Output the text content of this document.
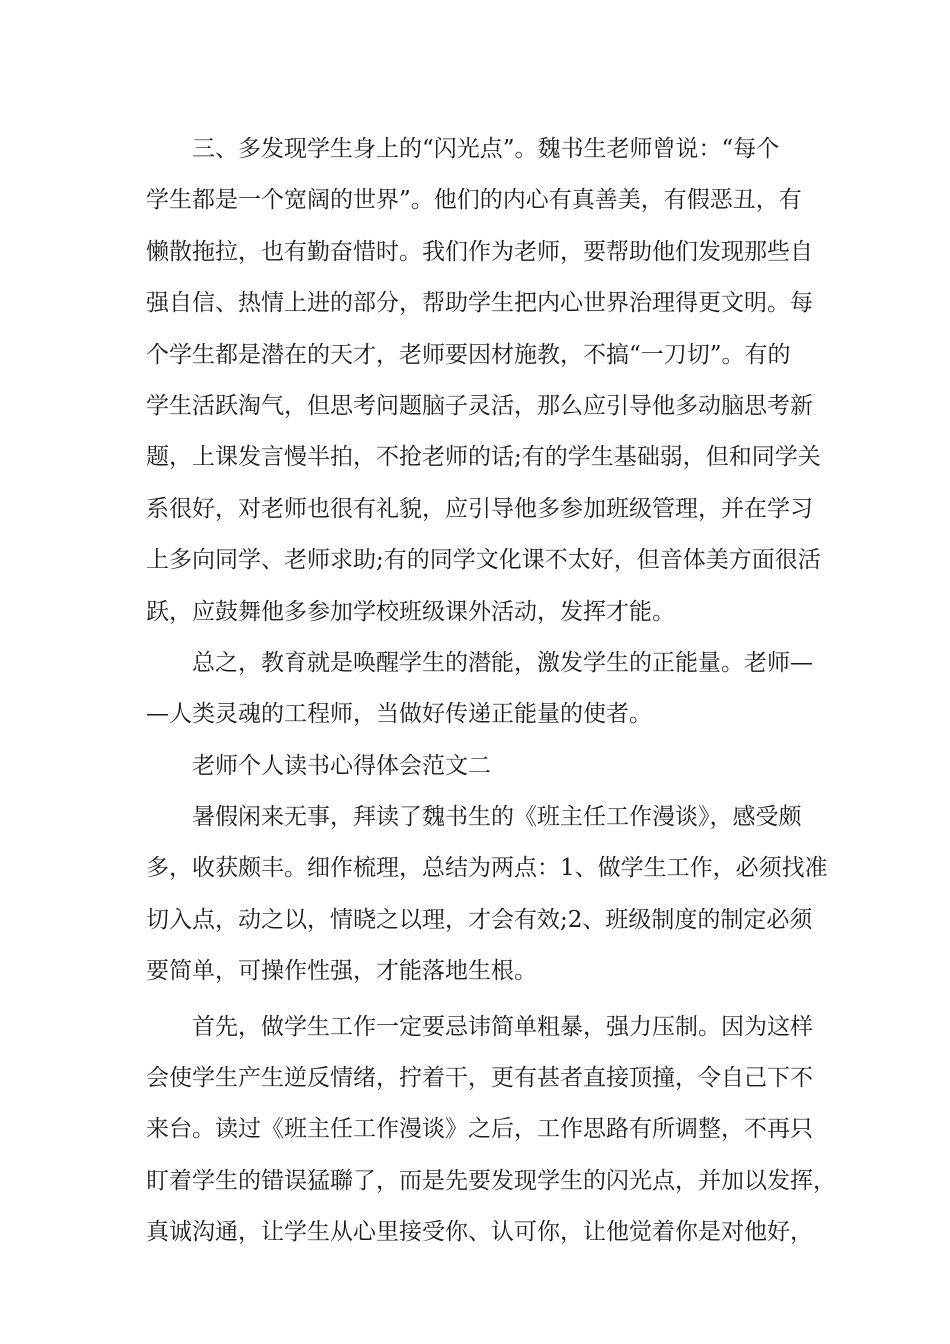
三、多发现学生身上的“闪光点”。魏书生老师曾说：“每个

学生都是一个宽阔的世界”。他们的内心有真善美，有假恶丑，有

懒散拖拉，也有勤奋惜时。我们作为老师，要帮助他们发现那些自

强自信、热情上进的部分，帮助学生把内心世界治理得更文明。每

个学生都是潜在的天才，老师要因材施教，不搞“一刀切”。有的

学生活跃淘气，但思考问题脑子灵活，那么应引导他多动脑思考新

题，上课发言慢半拍，不抢老师的话;有的学生基础弱，但和同学关

系很好，对老师也很有礼貌，应引导他多参加班级管理，并在学习

上多向同学、老师求助;有的同学文化课不太好，但音体美方面很活

跃，应鼓舞他多参加学校班级课外活动，发挥才能。

总之，教育就是唤醒学生的潜能，激发学生的正能量。老师—

—人类灵魂的工程师，当做好传递正能量的使者。

老师个人读书心得体会范文二

暑假闲来无事，拜读了魏书生的《班主任工作漫谈》，感受颇

多，收获颇丰。细作梳理，总结为两点：1、做学生工作，必须找准

切入点，动之以，情晓之以理，才会有效;2、班级制度的制定必须

要简单，可操作性强，才能落地生根。

首先，做学生工作一定要忌讳简单粗暴，强力压制。因为这样

会使学生产生逆反情绪，拧着干，更有甚者直接顶撞，令自己下不

来台。读过《班主任工作漫谈》之后，工作思路有所调整，不再只

盯着学生的错误猛聯了，而是先要发现学生的闪光点，并加以发挥，

真诚沟通，让学生从心里接受你、认可你，让他觉着你是对他好，
